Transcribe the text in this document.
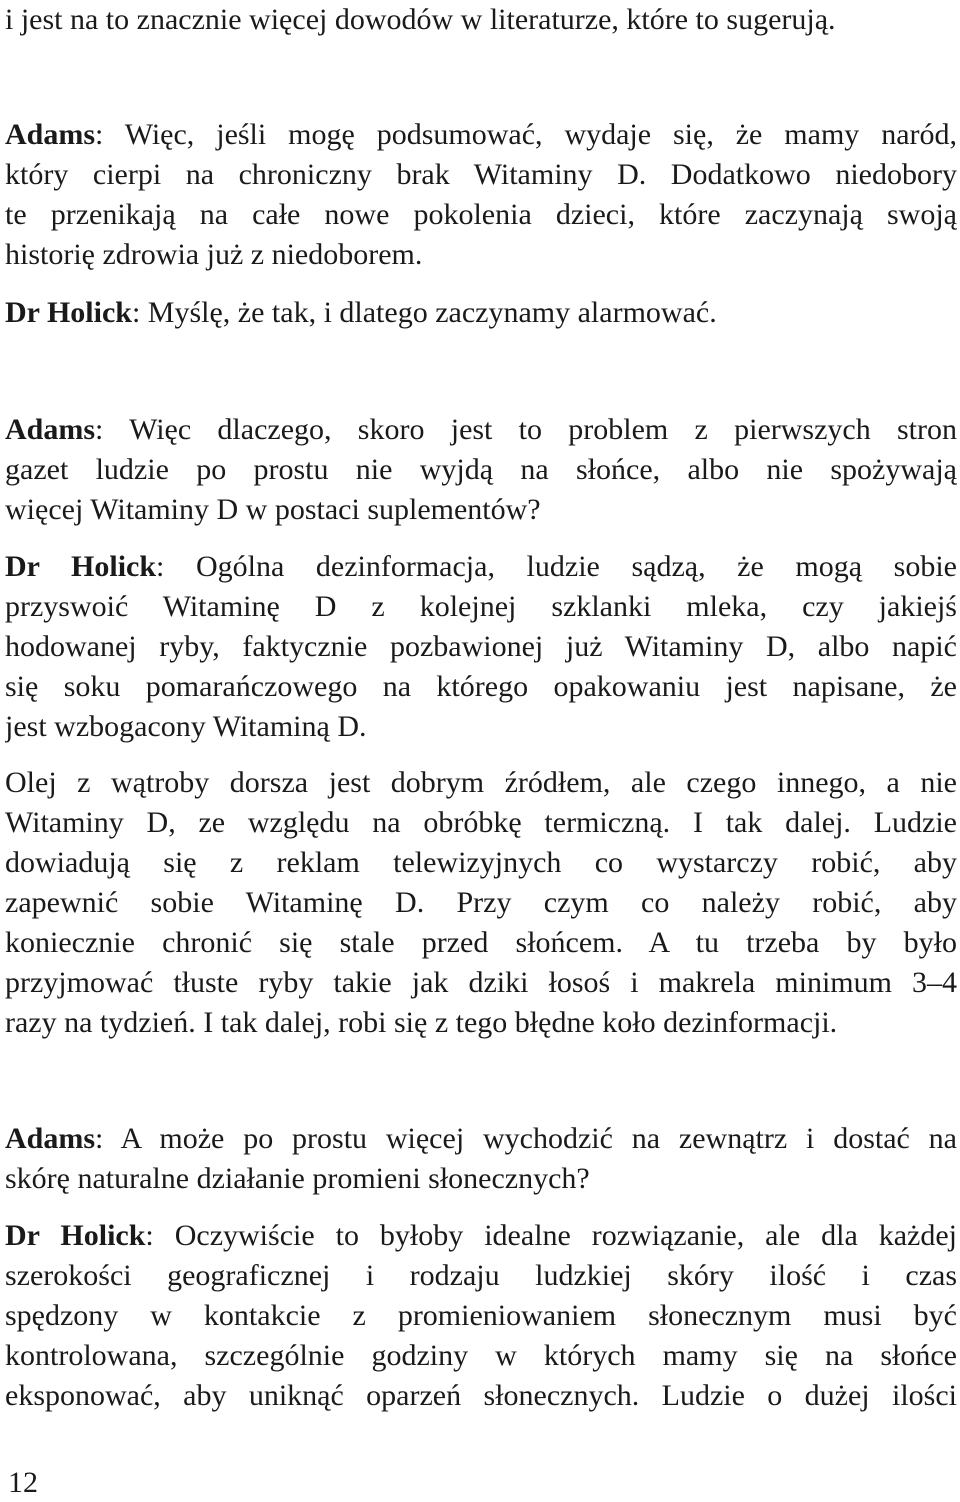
i jest na to znacznie więcej dowodów w literaturze, które to sugerują.
Adams: Więc, jeśli mogę podsumować, wydaje się, że mamy naród,
który cierpi na chroniczny brak Witaminy D. Dodatkowo niedobory
te przenikają na całe nowe pokolenia dzieci, które zaczynają swoją
historię zdrowia już z niedoborem.
Dr Holick: Myślę, że tak, i dlatego zaczynamy alarmować.
Adams: Więc dlaczego, skoro jest to problem z pierwszych stron
gazet ludzie po prostu nie wyjdą na słońce, albo nie spożywają
więcej Witaminy D w postaci suplementów?
Dr Holick: Ogólna dezinformacja, ludzie sądzą, że mogą sobie
przyswoić Witaminę D z kolejnej szklanki mleka, czy jakiejś
hodowanej ryby, faktycznie pozbawionej już Witaminy D, albo napić
się soku pomarańczowego na którego opakowaniu jest napisane, że
jest wzbogacony Witaminą D.
Olej z wątroby dorsza jest dobrym źródłem, ale czego innego, a nie
Witaminy D, ze względu na obróbkę termiczną. I tak dalej. Ludzie
dowiadują się z reklam telewizyjnych co wystarczy robić, aby
zapewnić sobie Witaminę D. Przy czym co należy robić, aby
koniecznie chronić się stale przed słońcem. A tu trzeba by było
przyjmować tłuste ryby takie jak dziki łosoś i makrela minimum 3–4
razy na tydzień. I tak dalej, robi się z tego błędne koło dezinformacji.
Adams: A może po prostu więcej wychodzić na zewnątrz i dostać na
skórę naturalne działanie promieni słonecznych?
Dr Holick: Oczywiście to byłoby idealne rozwiązanie, ale dla każdej
szerokości geograficznej i rodzaju ludzkiej skóry ilość i czas
spędzony w kontakcie z promieniowaniem słonecznym musi być
kontrolowana, szczególnie godziny w których mamy się na słońce
eksponować, aby uniknąć oparzeń słonecznych. Ludzie o dużej ilości
12
